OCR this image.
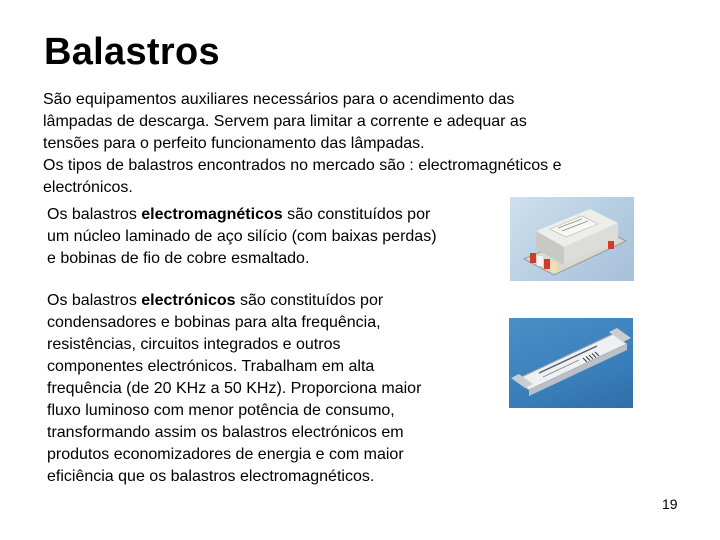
Balastros
São equipamentos auxiliares necessários para o acendimento das
lâmpadas de descarga. Servem para limitar a corrente e adequar as
tensões para o perfeito funcionamento das lâmpadas.
Os tipos de balastros encontrados no mercado são : electromagnéticos e
electrónicos.

Os balastros electromagnéticos são constituídos por

um núcleo laminado de aço silício (com baixas perdas)

e bobinas de fio de cobre esmaltado.

Os balastros electrónicos são constituídos por

condensadores e bobinas para alta frequência,

resistências, circuitos integrados e outros

componentes electrónicos. Trabalham em alta

frequência (de 20 KHz a 50 KHz). Proporciona maior

fluxo luminoso com menor potência de consumo,

transformando assim os balastros electrónicos em

produtos economizadores de energia e com maior

eficiência que os balastros electromagnéticos.

19
